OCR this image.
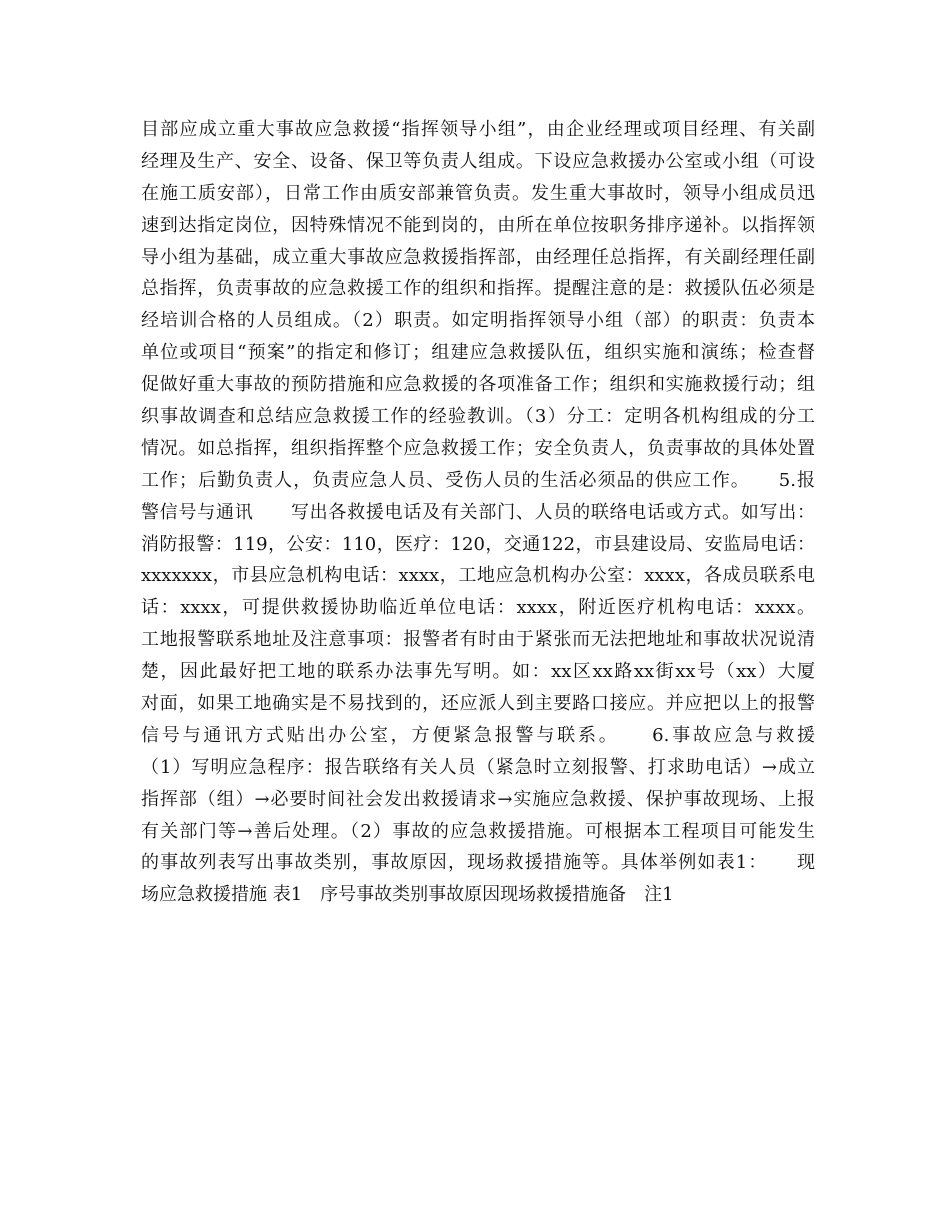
目部应成立重大事故应急救援“指挥领导小组”，由企业经理或项目经理、有关副
经理及生产、安全、设备、保卫等负责人组成。下设应急救援办公室或小组（可设
在施工质安部），日常工作由质安部兼管负责。发生重大事故时，领导小组成员迅
速到达指定岗位，因特殊情况不能到岗的，由所在单位按职务排序递补。以指挥领
导小组为基础，成立重大事故应急救援指挥部，由经理任总指挥，有关副经理任副
总指挥，负责事故的应急救援工作的组织和指挥。提醒注意的是：救援队伍必须是
经培训合格的人员组成。（2）职责。如定明指挥领导小组（部）的职责：负责本
单位或项目“预案”的指定和修订；组建应急救援队伍，组织实施和演练；检查督
促做好重大事故的预防措施和应急救援的各项准备工作；组织和实施救援行动；组
织事故调查和总结应急救援工作的经验教训。（3）分工：定明各机构组成的分工
情况。如总指挥，组织指挥整个应急救援工作；安全负责人，负责事故的具体处置
工作；后勤负责人，负责应急人员、受伤人员的生活必须品的供应工作。　　5.报
警信号与通讯　　写出各救援电话及有关部门、人员的联络电话或方式。如写出：
消防报警：119，公安：110，医疗：120，交通122，市县建设局、安监局电话：
xxxxxxx，市县应急机构电话：xxxx，工地应急机构办公室：xxxx，各成员联系电
话：xxxx，可提供救援协助临近单位电话：xxxx，附近医疗机构电话：xxxx。
工地报警联系地址及注意事项：报警者有时由于紧张而无法把地址和事故状况说清
楚，因此最好把工地的联系办法事先写明。如：xx区xx路xx街xx号（xx）大厦
对面，如果工地确实是不易找到的，还应派人到主要路口接应。并应把以上的报警
信号与通讯方式贴出办公室，方便紧急报警与联系。　　6.事故应急与救援
（1）写明应急程序：报告联络有关人员（紧急时立刻报警、打求助电话）→成立
指挥部（组）→必要时间社会发出救援请求→实施应急救援、保护事故现场、上报
有关部门等→善后处理。（2）事故的应急救援措施。可根据本工程项目可能发生
的事故列表写出事故类别，事故原因，现场救援措施等。具体举例如表1：　　现
场应急救援措施 表1　序号事故类别事故原因现场救援措施备　注1
